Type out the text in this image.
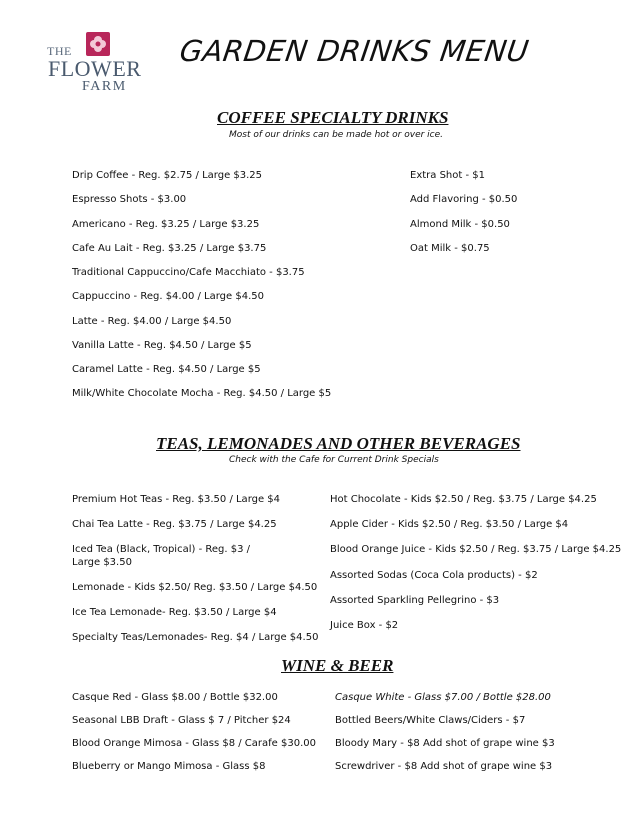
THE
FLOWER
FARM
GARDEN DRINKS MENU
COFFEE SPECIALTY DRINKS
Most of our drinks can be made hot or over ice.
Drip Coffee - Reg. $2.75 / Large $3.25
Espresso Shots - $3.00
Americano - Reg. $3.25 / Large $3.25
Cafe Au Lait - Reg. $3.25 / Large $3.75
Traditional Cappuccino/Cafe Macchiato - $3.75
Cappuccino - Reg. $4.00 / Large $4.50
Latte - Reg. $4.00 / Large $4.50
Vanilla Latte - Reg. $4.50 / Large $5
Caramel Latte - Reg. $4.50 / Large $5
Milk/White Chocolate Mocha - Reg. $4.50 / Large $5
Extra Shot - $1
Add Flavoring - $0.50
Almond Milk - $0.50
Oat Milk - $0.75
TEAS, LEMONADES AND OTHER BEVERAGES
Check with the Cafe for Current Drink Specials
Premium Hot Teas - Reg. $3.50 / Large $4
Chai Tea Latte - Reg. $3.75 / Large $4.25
Iced Tea (Black, Tropical) - Reg. $3 / Large $3.50
Lemonade - Kids $2.50/ Reg. $3.50 / Large $4.50
Ice Tea Lemonade- Reg. $3.50 / Large $4
Specialty Teas/Lemonades- Reg. $4 / Large $4.50
Hot Chocolate - Kids $2.50 / Reg. $3.75 / Large $4.25
Apple Cider - Kids $2.50 / Reg. $3.50 / Large $4
Blood Orange Juice - Kids $2.50 / Reg. $3.75 / Large $4.25
Assorted Sodas (Coca Cola products) - $2
Assorted Sparkling Pellegrino - $3
Juice Box - $2
WINE & BEER
Casque Red - Glass $8.00 / Bottle $32.00
Seasonal LBB Draft - Glass $ 7 / Pitcher $24
Blood Orange Mimosa - Glass $8 / Carafe $30.00
Blueberry or Mango Mimosa - Glass $8
Casque White - Glass $7.00 / Bottle $28.00
Bottled Beers/White Claws/Ciders - $7
Bloody Mary - $8 Add shot of grape wine $3
Screwdriver - $8 Add shot of grape wine $3
